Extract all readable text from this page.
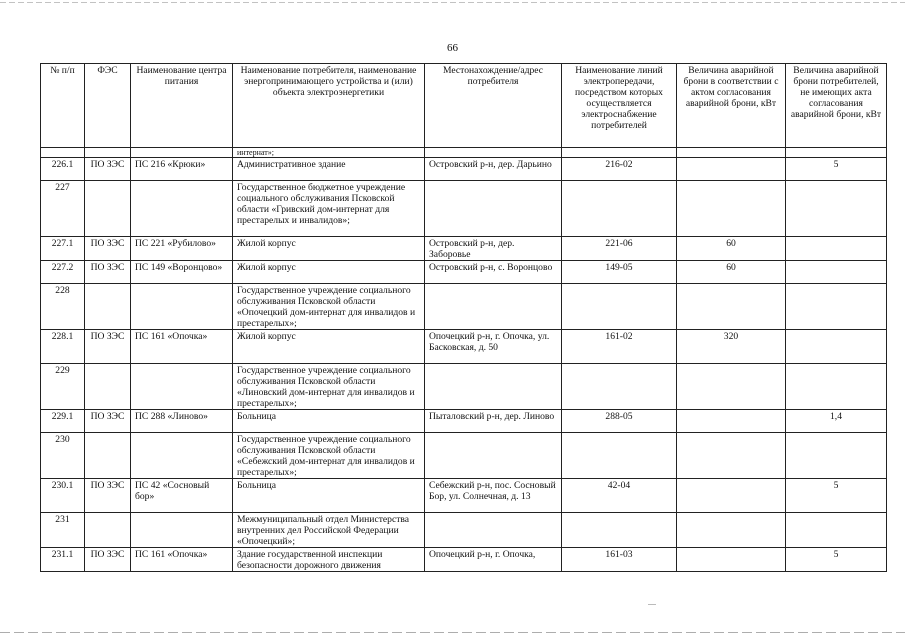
66
№ п/п	ФЭС	Наименование центра питания	Наименование потребителя, наименование энергопринимающего устройства и (или) объекта электроэнергетики	Местонахождение/адрес потребителя	Наименование линий электропередачи, посредством которых осуществляется электроснабжение потребителей	Величина аварийной брони в соответствии с актом согласования аварийной брони, кВт	Величина аварийной брони потребителей, не имеющих акта согласования аварийной брони, кВт
			интернат»;				
226.1	ПО ЗЭС	ПС 216 «Крюки»	Административное здание	Островский р-н, дер. Дарьино	216-02		5
227			Государственное бюджетное учреждение социального обслуживания Псковской области «Гривский дом-интернат для престарелых и инвалидов»;				
227.1	ПО ЗЭС	ПС 221 «Рубилово»	Жилой корпус	Островский р-н, дер. Заборовье	221-06	60	
227.2	ПО ЗЭС	ПС 149 «Воронцово»	Жилой корпус	Островский р-н, с. Воронцово	149-05	60	
228			Государственное учреждение социального обслуживания Псковской области «Опочецкий дом-интернат для инвалидов и престарелых»;				
228.1	ПО ЗЭС	ПС 161 «Опочка»	Жилой корпус	Опочецкий р-н, г. Опочка, ул. Басковская, д. 50	161-02	320	
229			Государственное учреждение социального обслуживания Псковской области «Линовский дом-интернат для инвалидов и престарелых»;				
229.1	ПО ЗЭС	ПС 288 «Линово»	Больница	Пыталовский р-н, дер. Линово	288-05		1,4
230			Государственное учреждение социального обслуживания Псковской области «Себежский дом-интернат для инвалидов и престарелых»;				
230.1	ПО ЗЭС	ПС 42 «Сосновый бор»	Больница	Себежский р-н, пос. Сосновый Бор, ул. Солнечная, д. 13	42-04		5
231			Межмуниципальный отдел Министерства внутренних дел Российской Федерации «Опочецкий»;				
231.1	ПО ЗЭС	ПС 161 «Опочка»	Здание государственной инспекции безопасности дорожного движения	Опочецкий р-н, г. Опочка,	161-03		5
